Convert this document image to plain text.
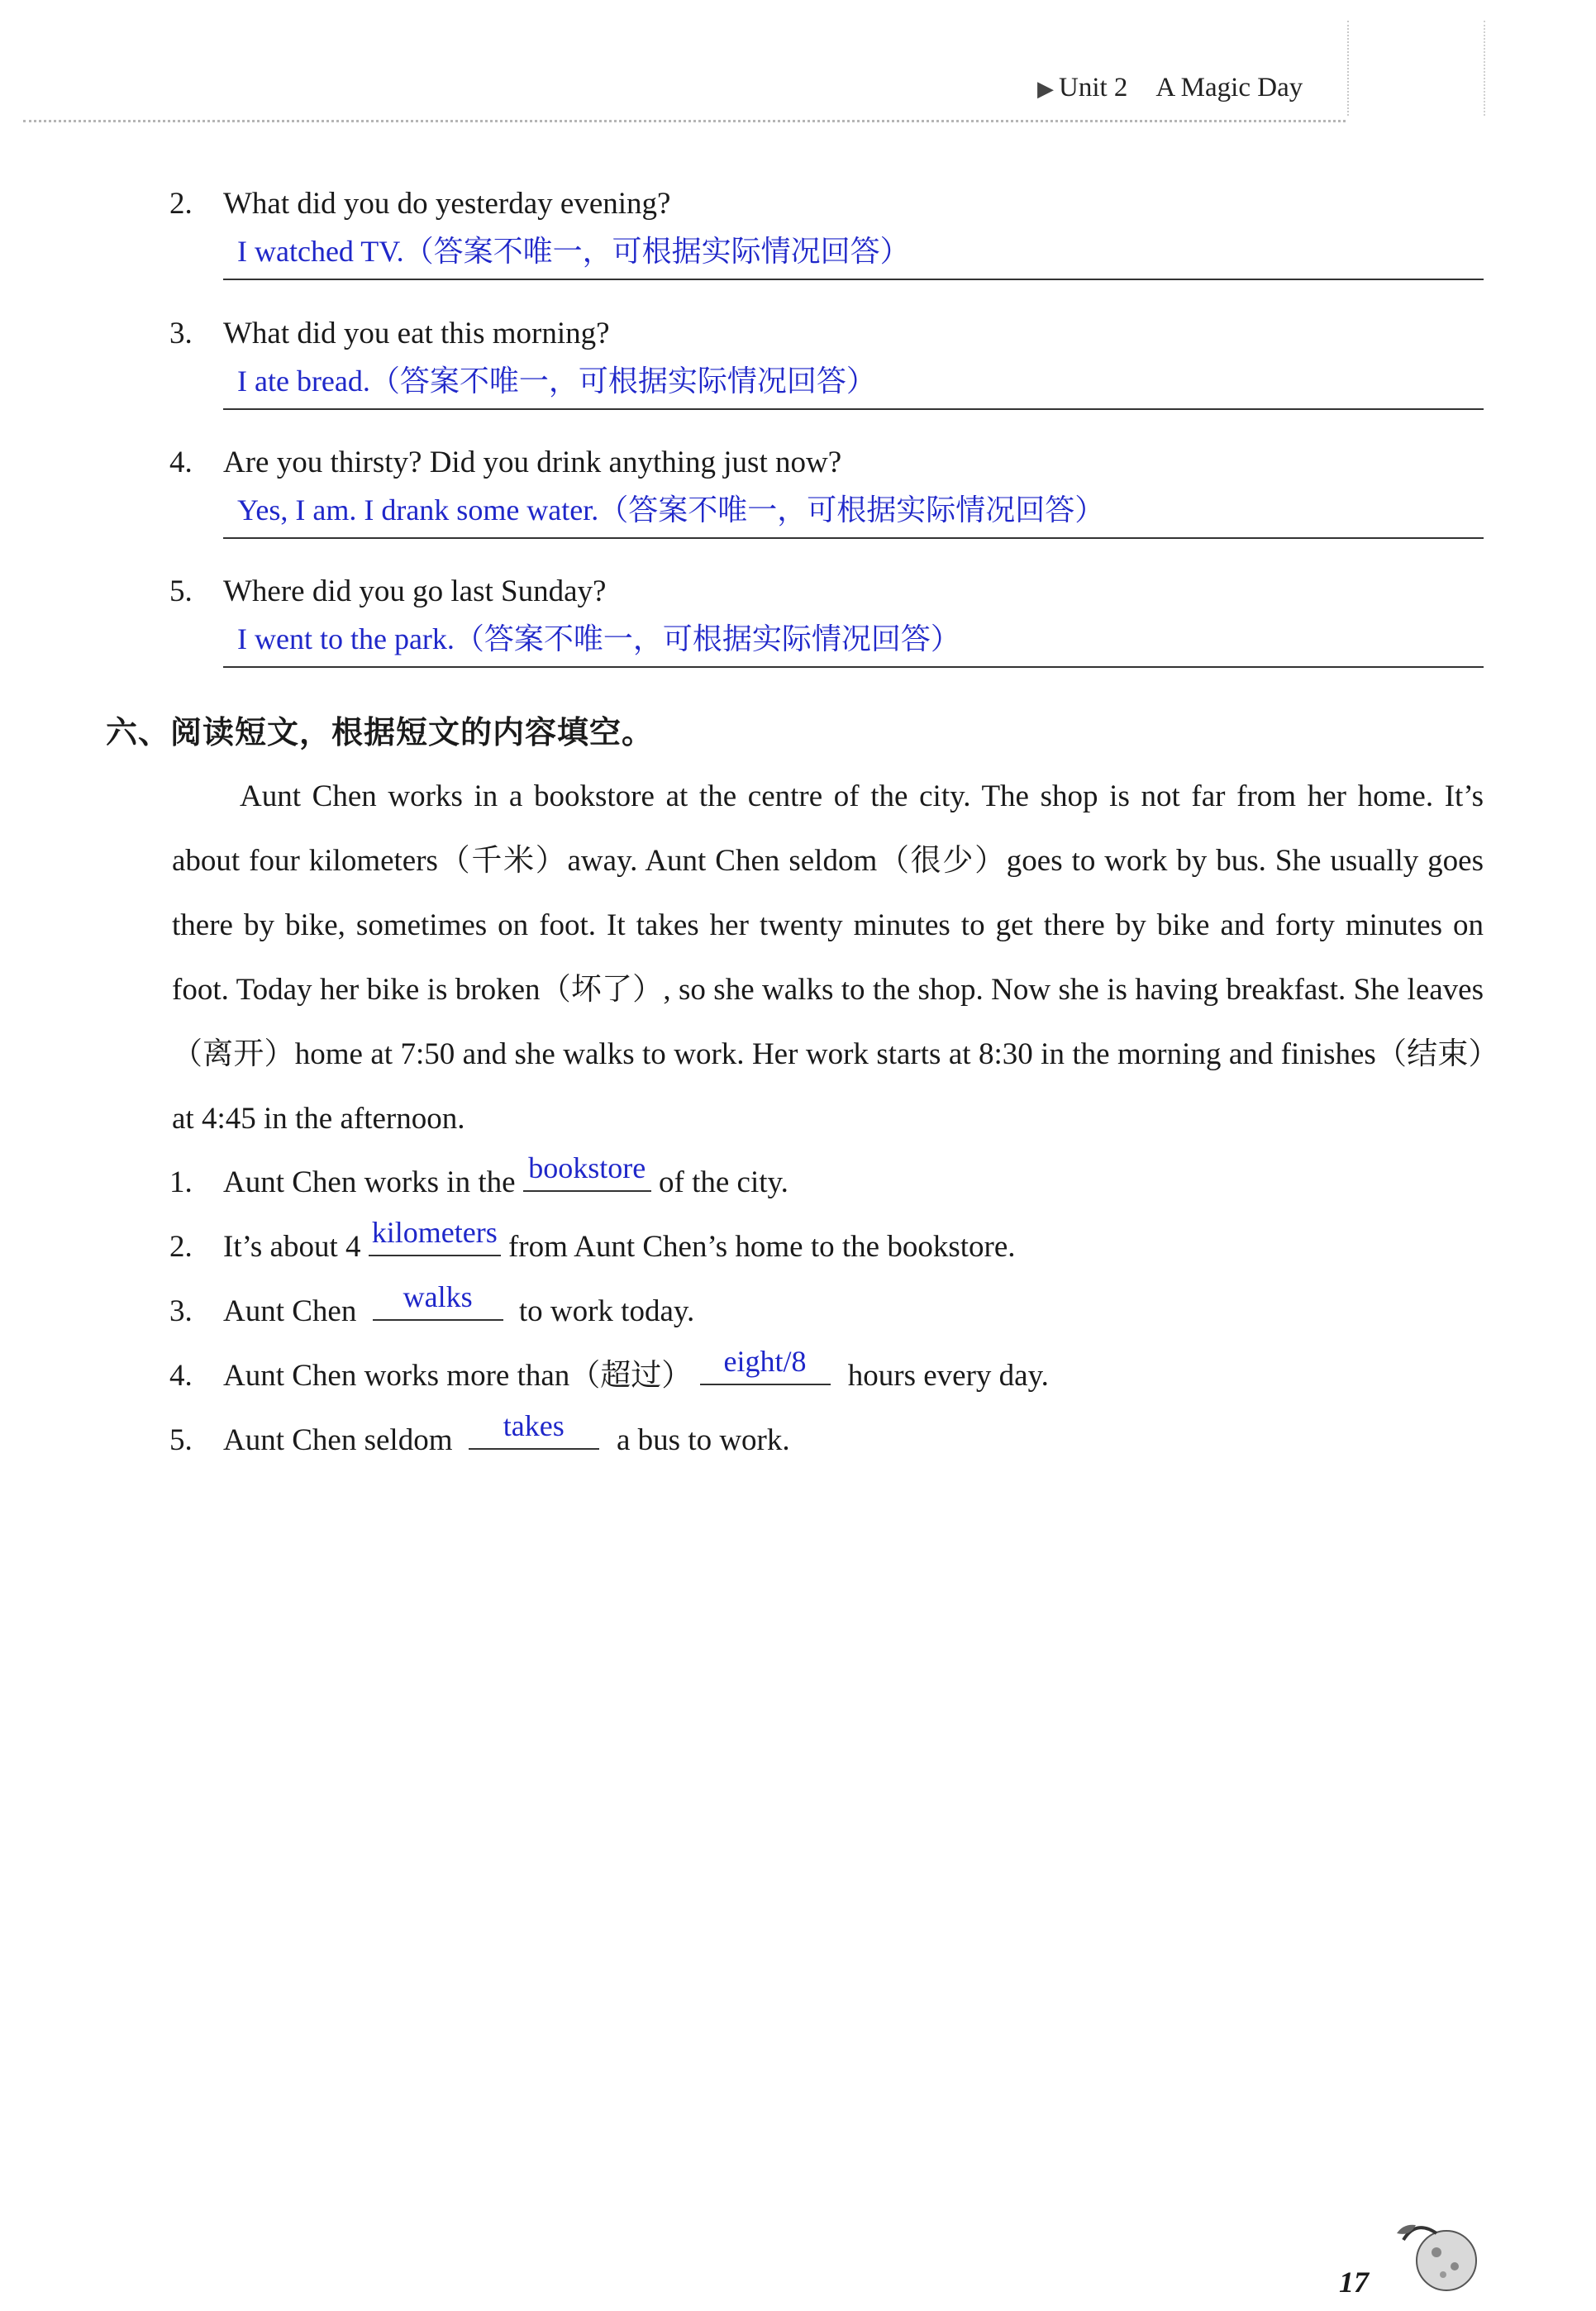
▶ Unit 2 A Magic Day
2. What did you do yesterday evening?
I watched TV.（答案不唯一，可根据实际情况回答）
3. What did you eat this morning?
I ate bread.（答案不唯一，可根据实际情况回答）
4. Are you thirsty? Did you drink anything just now?
Yes, I am. I drank some water.（答案不唯一，可根据实际情况回答）
5. Where did you go last Sunday?
I went to the park.（答案不唯一，可根据实际情况回答）
六、阅读短文，根据短文的内容填空。
Aunt Chen works in a bookstore at the centre of the city. The shop is not far from her home. It’s about four kilometers（千米）away. Aunt Chen seldom（很少）goes to work by bus. She usually goes there by bike, sometimes on foot. It takes her twenty minutes to get there by bike and forty minutes on foot. Today her bike is broken（坏了）, so she walks to the shop. Now she is having breakfast. She leaves（离开）home at 7:50 and she walks to work. Her work starts at 8:30 in the morning and finishes（结束）at 4:45 in the afternoon.
1. Aunt Chen works in the bookstore of the city.
2. It’s about 4 kilometers from Aunt Chen’s home to the bookstore.
3. Aunt Chen	walks	to work today.
4. Aunt Chen works more than（超过）	eight/8	hours every day.
5. Aunt Chen seldom	takes	a bus to work.
17
